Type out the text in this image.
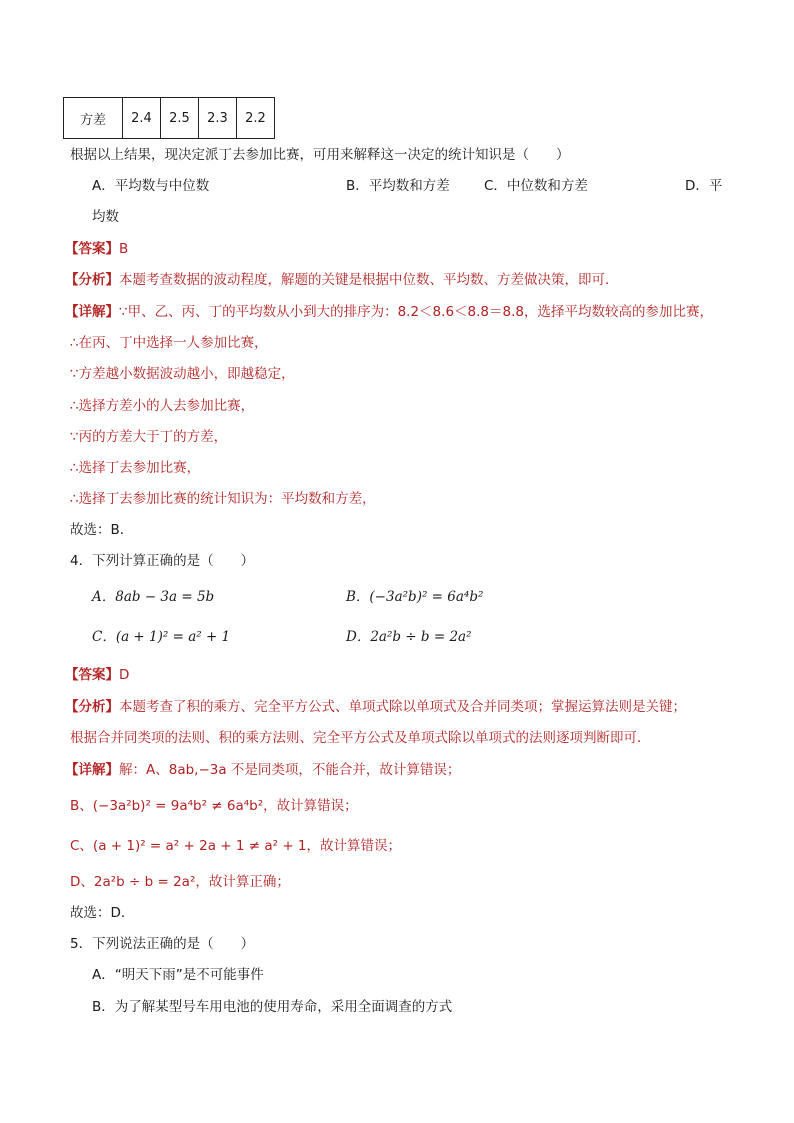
方差	2.4	2.5	2.3	2.2
根据以上结果，现决定派丁去参加比赛，可用来解释这一决定的统计知识是（　　）
A．平均数与中位数	B．平均数和方差	C．中位数和方差	D．平
均数
【答案】B
【分析】本题考查数据的波动程度，解题的关键是根据中位数、平均数、方差做决策，即可．
【详解】∵甲、乙、丙、丁的平均数从小到大的排序为：8.2＜8.6＜8.8＝8.8，选择平均数较高的参加比赛，
∴在丙、丁中选择一人参加比赛，
∵方差越小数据波动越小，即越稳定，
∴选择方差小的人去参加比赛，
∵丙的方差大于丁的方差，
∴选择丁去参加比赛，
∴选择丁去参加比赛的统计知识为：平均数和方差，
故选：B．
4．下列计算正确的是（　　）
A．8ab − 3a = 5b	B．(−3a²b)² = 6a⁴b²
C．(a + 1)² = a² + 1	D．2a²b ÷ b = 2a²
【答案】D
【分析】本题考查了积的乘方、完全平方公式、单项式除以单项式及合并同类项；掌握运算法则是关键；
根据合并同类项的法则、积的乘方法则、完全平方公式及单项式除以单项式的法则逐项判断即可．
【详解】解：A、8ab,−3a 不是同类项，不能合并，故计算错误；
B、(−3a²b)² = 9a⁴b² ≠ 6a⁴b²，故计算错误；
C、(a + 1)² = a² + 2a + 1 ≠ a² + 1，故计算错误；
D、2a²b ÷ b = 2a²，故计算正确；
故选：D．
5．下列说法正确的是（　　）
A．“明天下雨”是不可能事件
B．为了解某型号车用电池的使用寿命，采用全面调查的方式
